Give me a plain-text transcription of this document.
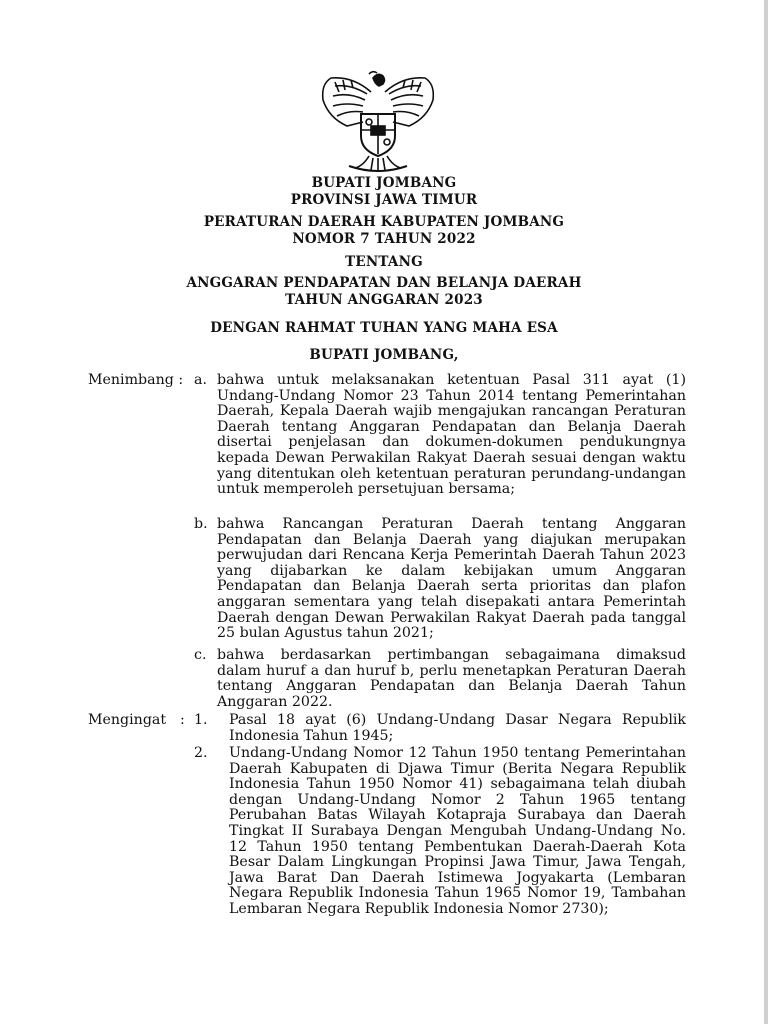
BUPATI JOMBANG
PROVINSI JAWA TIMUR
PERATURAN DAERAH KABUPATEN JOMBANG
NOMOR 7 TAHUN 2022
TENTANG
ANGGARAN PENDAPATAN DAN BELANJA DAERAH
TAHUN ANGGARAN 2023
DENGAN RAHMAT TUHAN YANG MAHA ESA
BUPATI JOMBANG,
Menimbang : a. bahwa untuk melaksanakan ketentuan Pasal 311 ayat (1) Undang-Undang Nomor 23 Tahun 2014 tentang Pemerintahan Daerah, Kepala Daerah wajib mengajukan rancangan Peraturan Daerah tentang Anggaran Pendapatan dan Belanja Daerah disertai penjelasan dan dokumen-dokumen pendukungnya kepada Dewan Perwakilan Rakyat Daerah sesuai dengan waktu yang ditentukan oleh ketentuan peraturan perundang-undangan untuk memperoleh persetujuan bersama;
b. bahwa Rancangan Peraturan Daerah tentang Anggaran Pendapatan dan Belanja Daerah yang diajukan merupakan perwujudan dari Rencana Kerja Pemerintah Daerah Tahun 2023 yang dijabarkan ke dalam kebijakan umum Anggaran Pendapatan dan Belanja Daerah serta prioritas dan plafon anggaran sementara yang telah disepakati antara Pemerintah Daerah dengan Dewan Perwakilan Rakyat Daerah pada tanggal 25 bulan Agustus tahun 2021;
c. bahwa berdasarkan pertimbangan sebagaimana dimaksud dalam huruf a dan huruf b, perlu menetapkan Peraturan Daerah tentang Anggaran Pendapatan dan Belanja Daerah Tahun Anggaran 2022.
Mengingat : 1. Pasal 18 ayat (6) Undang-Undang Dasar Negara Republik Indonesia Tahun 1945;
2. Undang-Undang Nomor 12 Tahun 1950 tentang Pemerintahan Daerah Kabupaten di Djawa Timur (Berita Negara Republik Indonesia Tahun 1950 Nomor 41) sebagaimana telah diubah dengan Undang-Undang Nomor 2 Tahun 1965 tentang Perubahan Batas Wilayah Kotapraja Surabaya dan Daerah Tingkat II Surabaya Dengan Mengubah Undang-Undang No. 12 Tahun 1950 tentang Pembentukan Daerah-Daerah Kota Besar Dalam Lingkungan Propinsi Jawa Timur, Jawa Tengah, Jawa Barat Dan Daerah Istimewa Jogyakarta (Lembaran Negara Republik Indonesia Tahun 1965 Nomor 19, Tambahan Lembaran Negara Republik Indonesia Nomor 2730);
